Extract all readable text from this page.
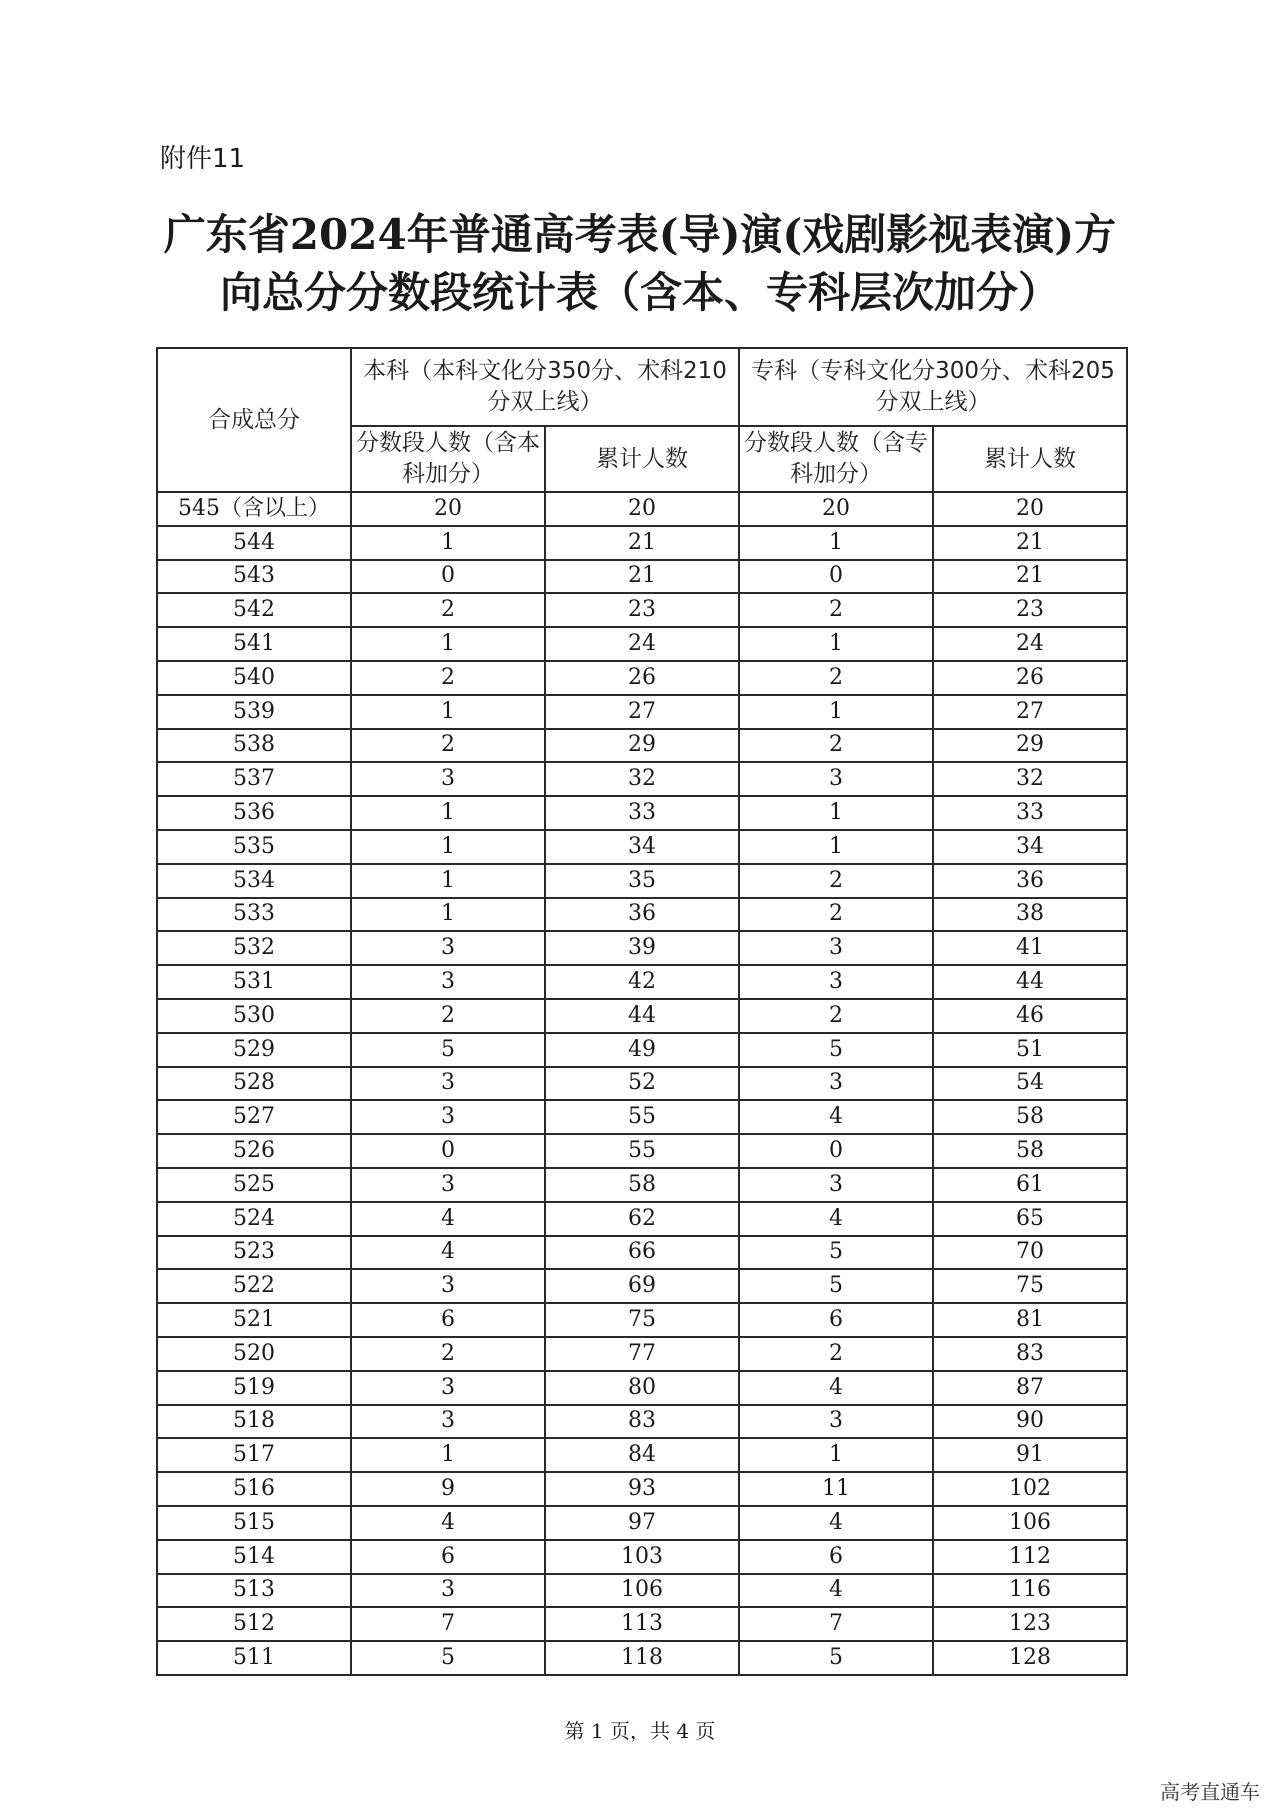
附件11
广东省2024年普通高考表(导)演(戏剧影视表演)方
向总分分数段统计表（含本、专科层次加分）
合成总分	本科（本科文化分350分、术科210分双上线）		专科（专科文化分300分、术科205分双上线）	
	分数段人数（含本科加分）	累计人数	分数段人数（含专科加分）	累计人数
545（含以上）	20	20	20	20
544	1	21	1	21
543	0	21	0	21
542	2	23	2	23
541	1	24	1	24
540	2	26	2	26
539	1	27	1	27
538	2	29	2	29
537	3	32	3	32
536	1	33	1	33
535	1	34	1	34
534	1	35	2	36
533	1	36	2	38
532	3	39	3	41
531	3	42	3	44
530	2	44	2	46
529	5	49	5	51
528	3	52	3	54
527	3	55	4	58
526	0	55	0	58
525	3	58	3	61
524	4	62	4	65
523	4	66	5	70
522	3	69	5	75
521	6	75	6	81
520	2	77	2	83
519	3	80	4	87
518	3	83	3	90
517	1	84	1	91
516	9	93	11	102
515	4	97	4	106
514	6	103	6	112
513	3	106	4	116
512	7	113	7	123
511	5	118	5	128
第 1 页，共 4 页
高考直通车
